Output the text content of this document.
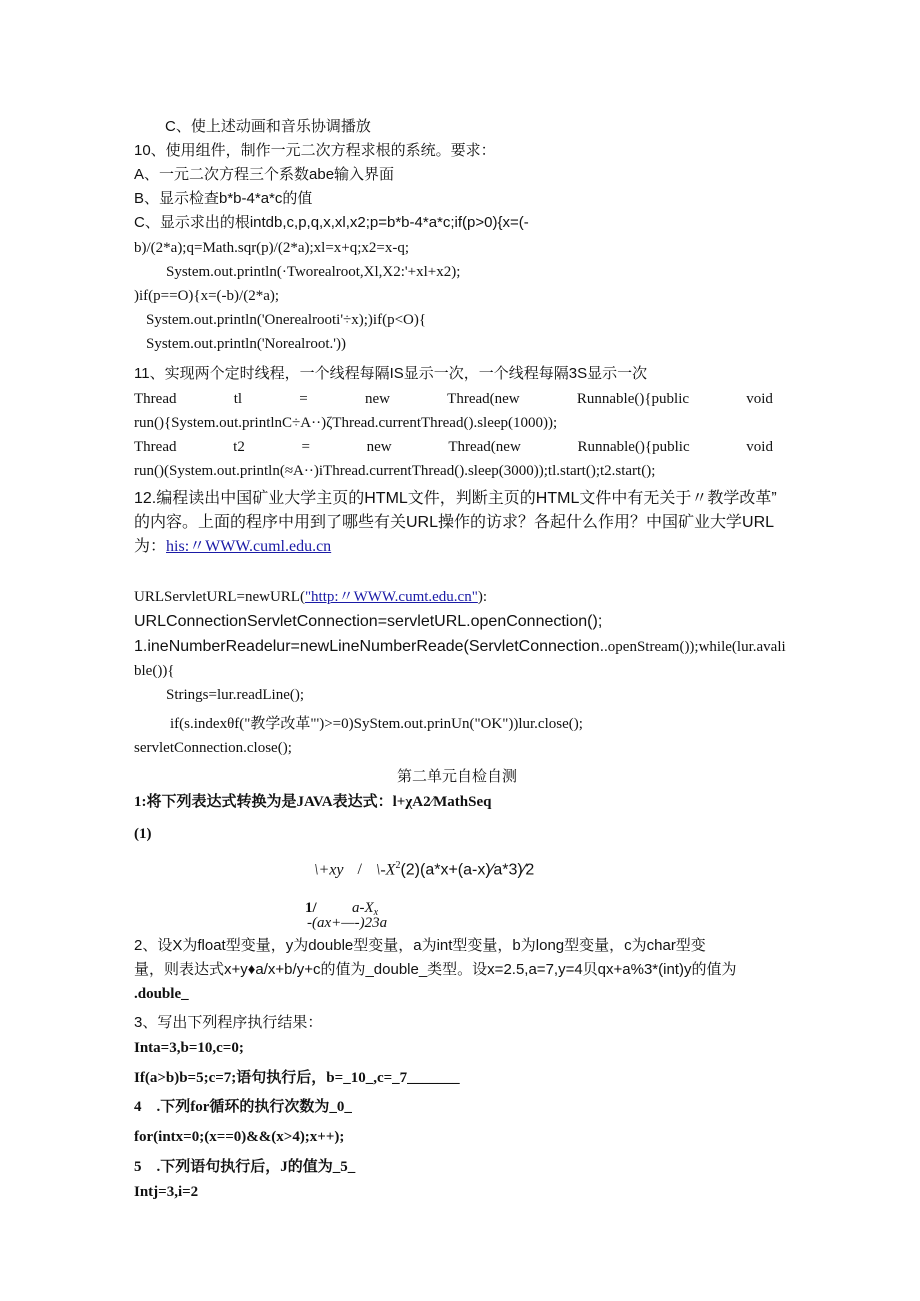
C、使上述动画和音乐协调播放
10、使用组件，制作一元二次方程求根的系统。要求：
A、一元二次方程三个系数abe输入界面
B、显示检查b*b-4*a*c的值
C、显示求出的根intdb,c,p,q,x,xl,x2;p=b*b-4*a*c;if(p>0){x=(-
b)/(2*a);q=Math.sqr(p)/(2*a);xl=x+q;x2=x-q;
System.out.println(·Tworealroot,Xl,X2:'+xl+x2);
)if(p==O){x=(-b)/(2*a);
System.out.println('Onerealrooti'÷x);)if(p<O){
System.out.println('Norealroot.'))
11、实现两个定时线程，一个线程每隔IS显示一次，一个线程每隔3S显示一次
Thread	tl	=	new	Thread(new	Runnable(){public	void
run(){System.out.printlnC÷A··)ζThread.currentThread().sleep(1000));
Thread	t2	=	new	Thread(new	Runnable(){public	void
run()(System.out.println(≈A··)iThread.currentThread().sleep(3000));tl.start();t2.start();
12.编程读出中国矿业大学主页的HTML文件，判断主页的HTML文件中有无关于〃教学改革”
的内容。上面的程序中用到了哪些有关URL操作的访求？各起什么作用？中国矿业大学URL
为：his:〃WWW.cuml.edu.cn
URLServletURL=newURL("http:〃WWW.cumt.edu.cn"):
URLConnectionServletConnection=servletURL.openConnection();
1.ineNumberReadelur=newLineNumberReade(ServletConnection..openStream());while(lur.avali
ble()){
Strings=lur.readLine();
if(s.indexθf("教学改革"')>=0)SyStem.out.prinUn("OK"))lur.close();
servletConnection.close();
第二单元自检自测
1:将下列表达式转换为是JAVA表达式：l+χA2∕MathSeq
(1)
\+xy / $\backslash-X^2(2)(a*x+(a-x)∕a*3)∕2$
1/ $a-X_x$
-(ax+—-)23a
2、设X为float型变量，y为double型变量，a为int型变量，b为long型变量，c为char型变
量，则表达式x+y♦a/x+b/y+c的值为_double_类型。设x=2.5,a=7,y=4贝qx+a%3*(int)y的值为
.double_
3、写出下列程序执行结果：
Inta=3,b=10,c=0;
If(a>b)b=5;c=7;语句执行后，b=_10_,c=_7_______
4　.下列for循环的执行次数为_0_
for(intx=0;(x==0)&&(x>4);x++);
5　.下列语句执行后，J的值为_5_
Intj=3,i=2
